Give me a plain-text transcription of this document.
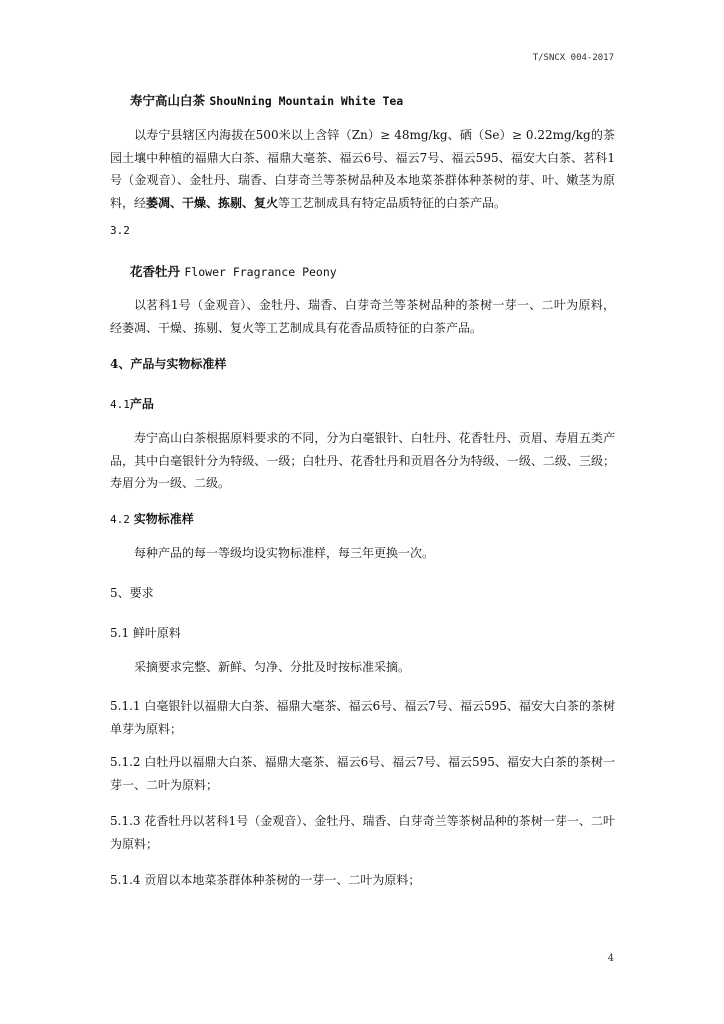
T/SNCX 004-2017
寿宁高山白茶 ShouNning Mountain White Tea

以寿宁县辖区内海拔在500米以上含锌（Zn）≥ 48mg/kg、硒（Se）≥ 0.22mg/kg的茶园土壤中种植的福鼎大白茶、福鼎大毫茶、福云6号、福云7号、福云595、福安大白茶、茗科1号（金观音）、金牡丹、瑞香、白芽奇兰等茶树品种及本地菜茶群体种茶树的芽、叶、嫩茎为原料，经萎凋、干燥、拣剔、复火等工艺制成具有特定品质特征的白茶产品。

3.2
花香牡丹 Flower Fragrance Peony

以茗科1号（金观音）、金牡丹、瑞香、白芽奇兰等茶树品种的茶树一芽一、二叶为原料，经萎凋、干燥、拣剔、复火等工艺制成具有花香品质特征的白茶产品。

4、产品与实物标准样
4.1产品

寿宁高山白茶根据原料要求的不同，分为白毫银针、白牡丹、花香牡丹、贡眉、寿眉五类产品，其中白毫银针分为特级、一级；白牡丹、花香牡丹和贡眉各分为特级、一级、二级、三级；寿眉分为一级、二级。

4.2 实物标准样

每种产品的每一等级均设实物标准样，每三年更换一次。

5、要求
5.1 鲜叶原料

采摘要求完整、新鲜、匀净、分批及时按标准采摘。

5.1.1 白毫银针以福鼎大白茶、福鼎大毫茶、福云6号、福云7号、福云595、福安大白茶的茶树单芽为原料；

5.1.2 白牡丹以福鼎大白茶、福鼎大毫茶、福云6号、福云7号、福云595、福安大白茶的茶树一芽一、二叶为原料；

5.1.3 花香牡丹以茗科1号（金观音）、金牡丹、瑞香、白芽奇兰等茶树品种的茶树一芽一、二叶为原料；

5.1.4 贡眉以本地菜茶群体种茶树的一芽一、二叶为原料；

4
